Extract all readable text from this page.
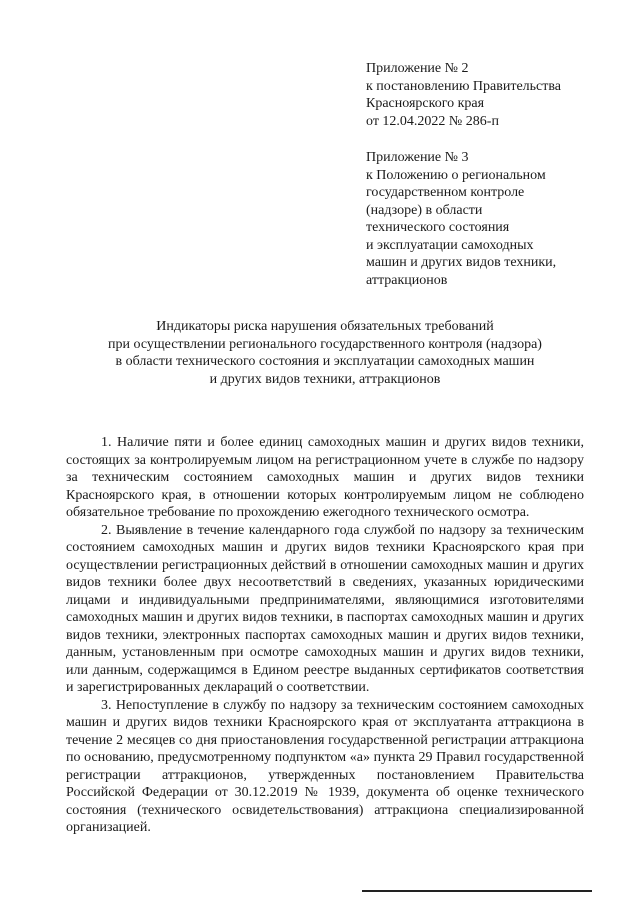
Приложение № 2
к постановлению Правительства
Красноярского края
от 12.04.2022 № 286-п
Приложение № 3
к Положению о региональном
государственном контроле
(надзоре) в области
технического состояния
и эксплуатации самоходных
машин и других видов техники,
аттракционов
Индикаторы риска нарушения обязательных требований
при осуществлении регионального государственного контроля (надзора)
в области технического состояния и эксплуатации самоходных машин
и других видов техники, аттракционов

1. Наличие пяти и более единиц самоходных машин и других видов техники, состоящих за контролируемым лицом на регистрационном учете в службе по надзору за техническим состоянием самоходных машин и других видов техники Красноярского края, в отношении которых контролируемым лицом не соблюдено обязательное требование по прохождению ежегодного технического осмотра.

2. Выявление в течение календарного года службой по надзору за техническим состоянием самоходных машин и других видов техники Красноярского края при осуществлении регистрационных действий в отношении самоходных машин и других видов техники более двух несоответствий в сведениях, указанных юридическими лицами и индивидуальными предпринимателями, являющимися изготовителями самоходных машин и других видов техники, в паспортах самоходных машин и других видов техники, электронных паспортах самоходных машин и других видов техники, данным, установленным при осмотре самоходных машин и других видов техники, или данным, содержащимся в Едином реестре выданных сертификатов соответствия и зарегистрированных деклараций о соответствии.

3. Непоступление в службу по надзору за техническим состоянием самоходных машин и других видов техники Красноярского края от эксплуатанта аттракциона в течение 2 месяцев со дня приостановления государственной регистрации аттракциона по основанию, предусмотренному подпунктом «а» пункта 29 Правил государственной регистрации аттракционов, утвержденных постановлением Правительства Российской Федерации от 30.12.2019 № 1939, документа об оценке технического состояния (технического освидетельствования) аттракциона специализированной организацией.
